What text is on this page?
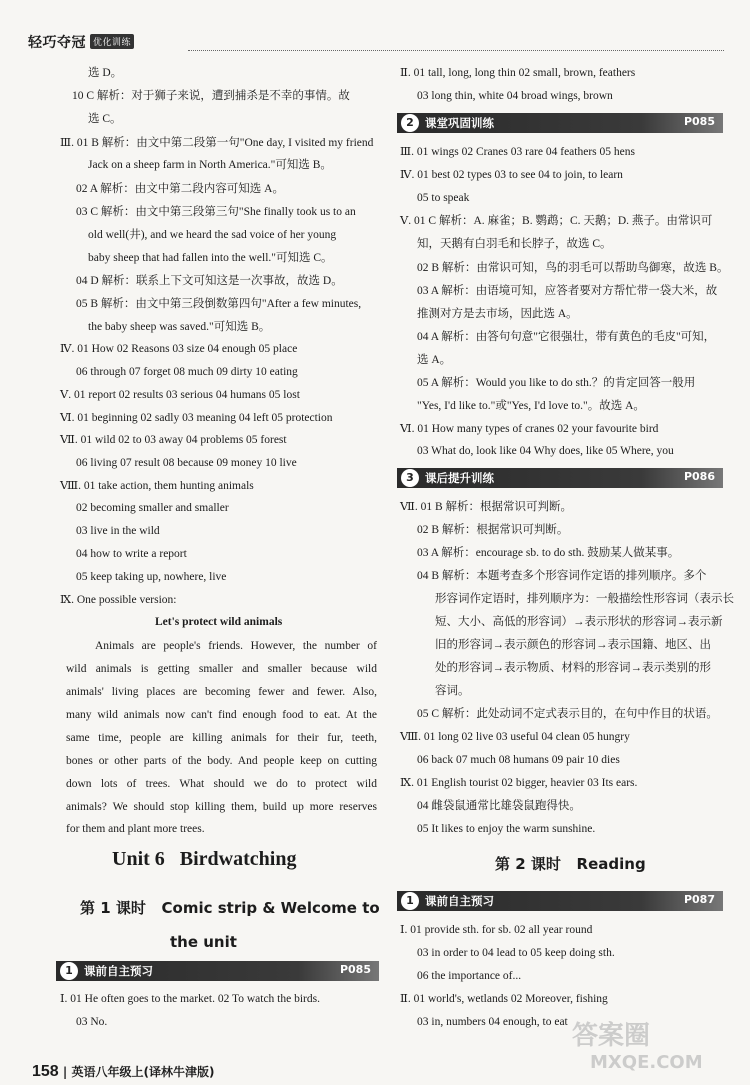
轻巧夺冠 优化训练
选 D。
10 C 解析：对于狮子来说，遭到捕杀是不幸的事情。故
选 C。
Ⅲ. 01 B 解析：由文中第二段第一句"One day, I visited my friend
Jack on a sheep farm in North America."可知选 B。
02 A 解析：由文中第二段内容可知选 A。
03 C 解析：由文中第三段第三句"She finally took us to an
old well(井), and we heard the sad voice of her young
baby sheep that had fallen into the well."可知选 C。
04 D 解析：联系上下文可知这是一次事故，故选 D。
05 B 解析：由文中第三段倒数第四句"After a few minutes,
the baby sheep was saved."可知选 B。
Ⅳ. 01 How 02 Reasons 03 size 04 enough 05 place
06 through 07 forget 08 much 09 dirty 10 eating
Ⅴ. 01 report 02 results 03 serious 04 humans 05 lost
Ⅵ. 01 beginning 02 sadly 03 meaning 04 left 05 protection
Ⅶ. 01 wild 02 to 03 away 04 problems 05 forest
06 living 07 result 08 because 09 money 10 live
Ⅷ. 01 take action, them hunting animals
02 becoming smaller and smaller
03 live in the wild
04 how to write a report
05 keep taking up, nowhere, live
Ⅸ. One possible version:
Let's protect wild animals
Animals are people's friends. However, the number of
wild animals is getting smaller and smaller because wild
animals' living places are becoming fewer and fewer. Also,
many wild animals now can't find enough food to eat. At the
same time, people are killing animals for their fur, teeth,
bones or other parts of the body. And people keep on cutting
down lots of trees. What should we do to protect wild
animals? We should stop killing them, build up more reserves
for them and plant more trees.
Unit 6   Birdwatching
第 1 课时   Comic strip & Welcome to
the unit
1 课前自主预习	P085
Ⅰ. 01 He often goes to the market. 02 To watch the birds.
03 No.
Ⅱ. 01 tall, long, long thin 02 small, brown, feathers
03 long thin, white 04 broad wings, brown
2 课堂巩固训练	P085
Ⅲ. 01 wings 02 Cranes 03 rare 04 feathers 05 hens
Ⅳ. 01 best 02 types 03 to see 04 to join, to learn
05 to speak
Ⅴ. 01 C 解析：A. 麻雀；B. 鹦鹉；C. 天鹅；D. 燕子。由常识可
知，天鹅有白羽毛和长脖子，故选 C。
02 B 解析：由常识可知，鸟的羽毛可以帮助鸟御寒，故选 B。
03 A 解析：由语境可知，应答者要对方帮忙带一袋大米，故
推测对方是去市场，因此选 A。
04 A 解析：由答句句意"它很强壮，带有黄色的毛皮"可知，
选 A。
05 A 解析：Would you like to do sth.？的肯定回答一般用
"Yes, I'd like to."或"Yes, I'd love to."。故选 A。
Ⅵ. 01 How many types of cranes 02 your favourite bird
03 What do, look like 04 Why does, like 05 Where, you
3 课后提升训练	P086
Ⅶ. 01 B 解析：根据常识可判断。
02 B 解析：根据常识可判断。
03 A 解析：encourage sb. to do sth. 鼓励某人做某事。
04 B 解析：本题考查多个形容词作定语的排列顺序。多个
形容词作定语时，排列顺序为：一般描绘性形容词（表示长
短、大小、高低的形容词）→表示形状的形容词→表示新
旧的形容词→表示颜色的形容词→表示国籍、地区、出
处的形容词→表示物质、材料的形容词→表示类别的形
容词。
05 C 解析：此处动词不定式表示目的，在句中作目的状语。
Ⅷ. 01 long 02 live 03 useful 04 clean 05 hungry
06 back 07 much 08 humans 09 pair 10 dies
Ⅸ. 01 English tourist 02 bigger, heavier 03 Its ears.
04 雌袋鼠通常比雄袋鼠跑得快。
05 It likes to enjoy the warm sunshine.
第 2 课时   Reading
1 课前自主预习	P087
Ⅰ. 01 provide sth. for sb. 02 all year round
03 in order to 04 lead to 05 keep doing sth.
06 the importance of...
Ⅱ. 01 world's, wetlands 02 Moreover, fishing
03 in, numbers 04 enough, to eat
158 | 英语八年级上(译林牛津版)
答案圈
MXQE.COM
